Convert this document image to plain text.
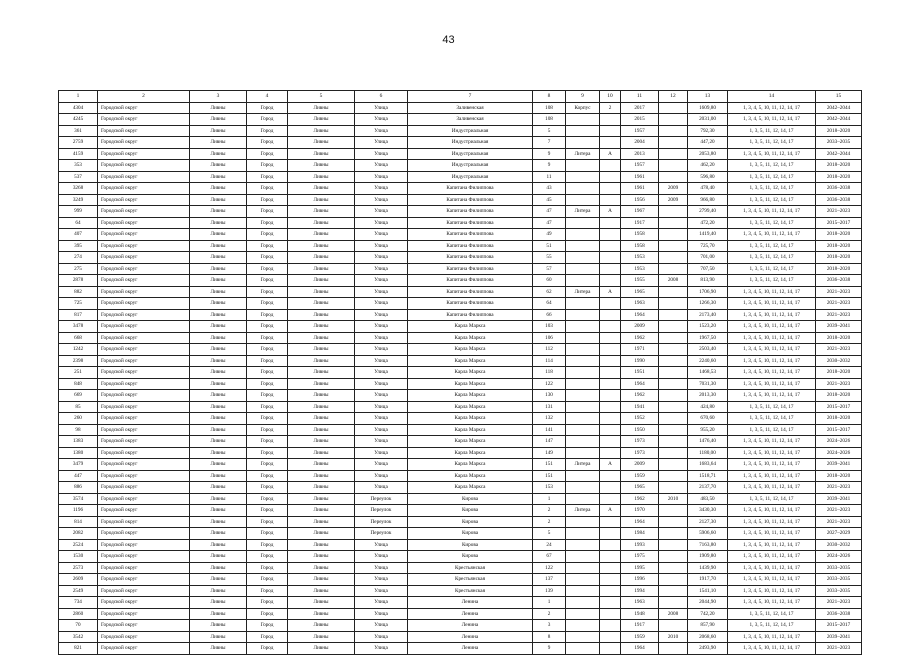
43
1	2	3	4	5	6	7	8	9	10	11	12	13	14	15
4304	Городской округ	Ливны	Город	Ливны	Улица	Заливенская	108	Корпус	2	2017		1609,80	1, 3, 4, 5, 10, 11, 12, 14, 17	2042–2044
4245	Городской округ	Ливны	Город	Ливны	Улица	Заливенская	108			2015		2031,00	1, 3, 4, 5, 10, 11, 12, 14, 17	2042–2044
361	Городской округ	Ливны	Город	Ливны	Улица	Индустриальная	5			1957		792,30	1, 3, 5, 11, 12, 14, 17	2018–2020
2759	Городской округ	Ливны	Город	Ливны	Улица	Индустриальная	7			2004		447,20	1, 3, 5, 11, 12, 14, 17	2033–2035
4159	Городской округ	Ливны	Город	Ливны	Улица	Индустриальная	9	Литера	А	2013		2053,80	1, 3, 4, 5, 10, 11, 12, 14, 17	2042–2044
353	Городской округ	Ливны	Город	Ливны	Улица	Индустриальная	9			1957		462,20	1, 3, 5, 11, 12, 14, 17	2018–2020
537	Городской округ	Ливны	Город	Ливны	Улица	Индустриальная	11			1961		596,80	1, 3, 5, 11, 12, 14, 17	2018–2020
3268	Городской округ	Ливны	Город	Ливны	Улица	Капитана Филиппова	43			1961	2009	478,40	1, 3, 5, 11, 12, 14, 17	2036–2038
3249	Городской округ	Ливны	Город	Ливны	Улица	Капитана Филиппова	45			1956	2009	966,80	1, 3, 5, 11, 12, 14, 17	2036–2038
999	Городской округ	Ливны	Город	Ливны	Улица	Капитана Филиппова	47	Литера	А	1967		2799,40	1, 3, 4, 5, 10, 11, 12, 14, 17	2021–2023
64	Городской округ	Ливны	Город	Ливны	Улица	Капитана Филиппова	47			1917		472,20	1, 3, 5, 11, 12, 14, 17	2015–2017
407	Городской округ	Ливны	Город	Ливны	Улица	Капитана Филиппова	49			1958		1419,40	1, 3, 4, 5, 10, 11, 12, 14, 17	2018–2020
395	Городской округ	Ливны	Город	Ливны	Улица	Капитана Филиппова	51			1958		725,70	1, 3, 5, 11, 12, 14, 17	2018–2020
274	Городской округ	Ливны	Город	Ливны	Улица	Капитана Филиппова	55			1953		701,00	1, 3, 5, 11, 12, 14, 17	2018–2020
275	Городской округ	Ливны	Город	Ливны	Улица	Капитана Филиппова	57			1953		707,50	1, 3, 5, 11, 12, 14, 17	2018–2020
2878	Городской округ	Ливны	Город	Ливны	Улица	Капитана Филиппова	60			1955	2008	813,90	1, 3, 5, 11, 12, 14, 17	2036–2038
882	Городской округ	Ливны	Город	Ливны	Улица	Капитана Филиппова	62	Литера	А	1965		1706,90	1, 3, 4, 5, 10, 11, 12, 14, 17	2021–2023
725	Городской округ	Ливны	Город	Ливны	Улица	Капитана Филиппова	64			1963		1266,30	1, 3, 4, 5, 10, 11, 12, 14, 17	2021–2023
817	Городской округ	Ливны	Город	Ливны	Улица	Капитана Филиппова	66			1964		2173,40	1, 3, 4, 5, 10, 11, 12, 14, 17	2021–2023
3478	Городской округ	Ливны	Город	Ливны	Улица	Карла Маркса	103			2009		1523,20	1, 3, 4, 5, 10, 11, 12, 14, 17	2039–2041
668	Городской округ	Ливны	Город	Ливны	Улица	Карла Маркса	106			1962		1967,50	1, 3, 4, 5, 10, 11, 12, 14, 17	2018–2020
1242	Городской округ	Ливны	Город	Ливны	Улица	Карла Маркса	112			1971		2503,40	1, 3, 4, 5, 10, 11, 12, 14, 17	2021–2023
2398	Городской округ	Ливны	Город	Ливны	Улица	Карла Маркса	114			1990		2240,60	1, 3, 4, 5, 10, 11, 12, 14, 17	2030–2032
251	Городской округ	Ливны	Город	Ливны	Улица	Карла Маркса	118			1951		1468,53	1, 3, 4, 5, 10, 11, 12, 14, 17	2018–2020
848	Городской округ	Ливны	Город	Ливны	Улица	Карла Маркса	122			1964		7031,30	1, 3, 4, 5, 10, 11, 12, 14, 17	2021–2023
669	Городской округ	Ливны	Город	Ливны	Улица	Карла Маркса	130			1962		2013,30	1, 3, 4, 5, 10, 11, 12, 14, 17	2018–2020
85	Городской округ	Ливны	Город	Ливны	Улица	Карла Маркса	131			1941		424,80	1, 3, 5, 11, 12, 14, 17	2015–2017
260	Городской округ	Ливны	Город	Ливны	Улица	Карла Маркса	132			1952		670,60	1, 3, 5, 11, 12, 14, 17	2018–2020
98	Городской округ	Ливны	Город	Ливны	Улица	Карла Маркса	141			1950		955,20	1, 3, 5, 11, 12, 14, 17	2015–2017
1383	Городской округ	Ливны	Город	Ливны	Улица	Карла Маркса	147			1973		1476,40	1, 3, 4, 5, 10, 11, 12, 14, 17	2024–2026
1380	Городской округ	Ливны	Город	Ливны	Улица	Карла Маркса	149			1973		1180,00	1, 3, 4, 5, 10, 11, 12, 14, 17	2024–2026
3479	Городской округ	Ливны	Город	Ливны	Улица	Карла Маркса	151	Литера	А	2009		1683,64	1, 3, 4, 5, 10, 11, 12, 14, 17	2039–2041
447	Городской округ	Ливны	Город	Ливны	Улица	Карла Маркса	151			1959		1518,71	1, 3, 4, 5, 10, 11, 12, 14, 17	2018–2020
886	Городской округ	Ливны	Город	Ливны	Улица	Карла Маркса	153			1965		2137,70	1, 3, 4, 5, 10, 11, 12, 14, 17	2021–2023
3574	Городской округ	Ливны	Город	Ливны	Переулок	Кирова	1			1962	2010	483,50	1, 3, 5, 11, 12, 14, 17	2039–2041
1196	Городской округ	Ливны	Город	Ливны	Переулок	Кирова	2	Литера	А	1970		3430,30	1, 3, 4, 5, 10, 11, 12, 14, 17	2021–2023
814	Городской округ	Ливны	Город	Ливны	Переулок	Кирова	2			1964		2127,30	1, 3, 4, 5, 10, 11, 12, 14, 17	2021–2023
2082	Городской округ	Ливны	Город	Ливны	Переулок	Кирова	5			1984		5906,60	1, 3, 4, 5, 10, 11, 12, 14, 17	2027–2029
2524	Городской округ	Ливны	Город	Ливны	Улица	Кирова	24			1993		7163,80	1, 3, 4, 5, 10, 11, 12, 14, 17	2030–2032
1530	Городской округ	Ливны	Город	Ливны	Улица	Кирова	67			1975		1909,80	1, 3, 4, 5, 10, 11, 12, 14, 17	2024–2026
2573	Городской округ	Ливны	Город	Ливны	Улица	Крестьянская	122			1995		1439,90	1, 3, 4, 5, 10, 11, 12, 14, 17	2033–2035
2609	Городской округ	Ливны	Город	Ливны	Улица	Крестьянская	137			1996		1917,70	1, 3, 4, 5, 10, 11, 12, 14, 17	2033–2035
2549	Городской округ	Ливны	Город	Ливны	Улица	Крестьянская	139			1994		1541,10	1, 3, 4, 5, 10, 11, 12, 14, 17	2033–2035
734	Городской округ	Ливны	Город	Ливны	Улица	Ленина	1			1963		2044,90	1, 3, 4, 5, 10, 11, 12, 14, 17	2021–2023
2860	Городской округ	Ливны	Город	Ливны	Улица	Ленина	2			1948	2008	742,20	1, 3, 5, 11, 12, 14, 17	2036–2038
70	Городской округ	Ливны	Город	Ливны	Улица	Ленина	3			1917		857,90	1, 3, 5, 11, 12, 14, 17	2015–2017
3542	Городской округ	Ливны	Город	Ливны	Улица	Ленина	8			1959	2010	2068,60	1, 3, 4, 5, 10, 11, 12, 14, 17	2039–2041
821	Городской округ	Ливны	Город	Ливны	Улица	Ленина	9			1964		2493,90	1, 3, 4, 5, 10, 11, 12, 14, 17	2021–2023
